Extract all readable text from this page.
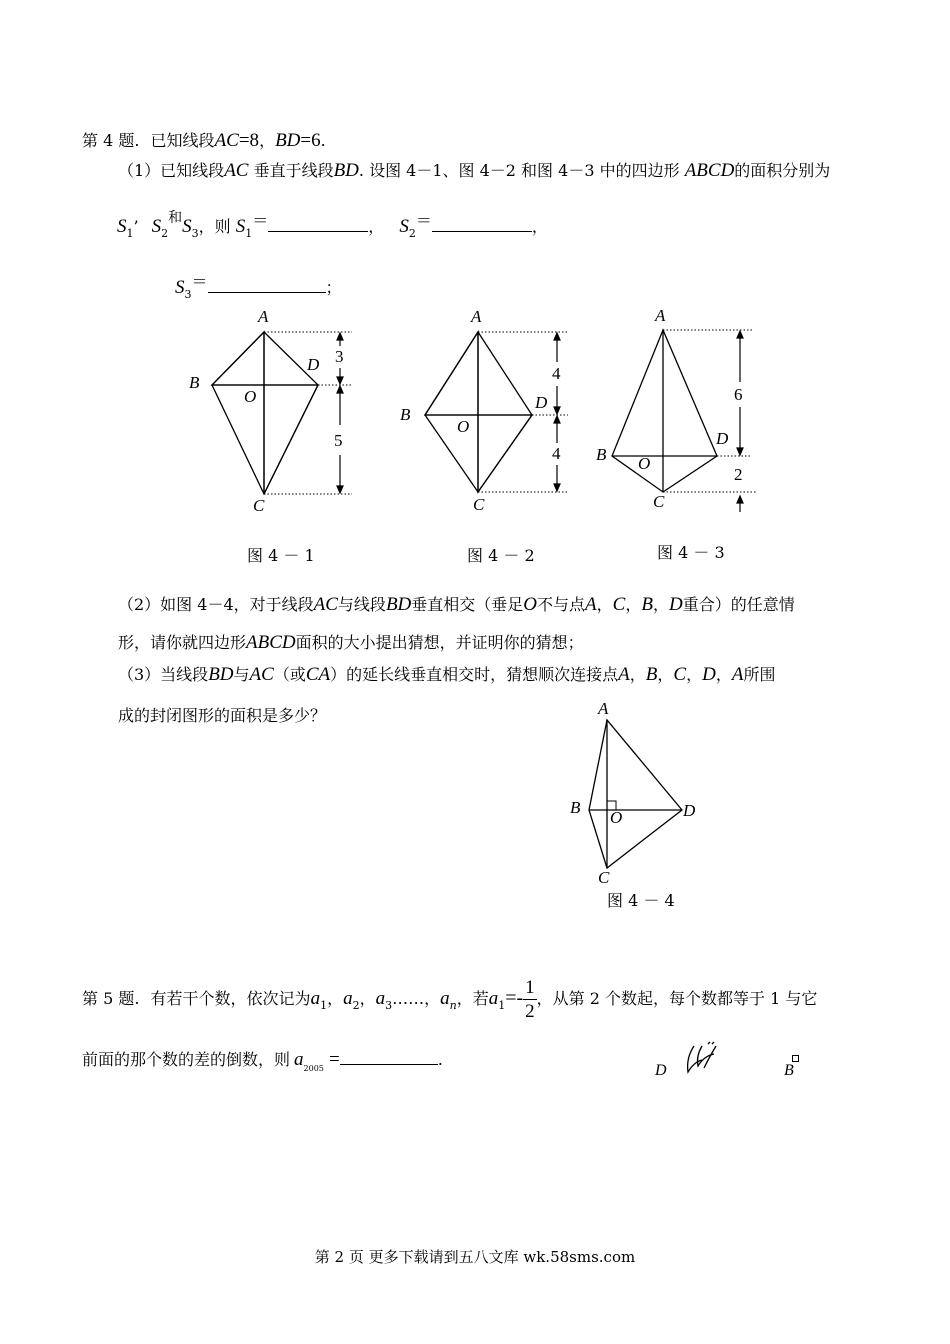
第 4 题. 已知线段AC=8，BD=6.
（1）已知线段AC 垂直于线段BD. 设图 4－1、图 4－2 和图 4－3 中的四边形 ABCD的面积分别为
$S_1$’ $S_2$和$S_3$，则 $S_1=$	， $S_2=$	，
$S_3=$	；
A
B
D
O
C
3
5
A
B
D
O
C
4
4
A
B
D
O
C
6
2
图 4 － 1	图 4 － 2	图 4 － 3
（2）如图 4－4，对于线段AC与线段BD垂直相交（垂足O不与点A，C，B，D重合）的任意情
形，请你就四边形ABCD面积的大小提出猜想，并证明你的猜想；
（3）当线段BD与AC（或CA）的延长线垂直相交时，猜想顺次连接点A，B，C，D，A所围
成的封闭图形的面积是多少？	A
B	D
O
C
图 4 － 4
第 5 题. 有若干个数，依次记为$a_1$，$a_2$，$a_3\dots\dots$，$a_n$，若$a_1=- \frac{1}{2}$ ，从第 2 个数起，每个数都等于 1 与它
前面的那个数的差的倒数，则 $a_{2005}$ =	.
D	B
第 2 页 更多下载请到五八文库 wk.58sms.com
